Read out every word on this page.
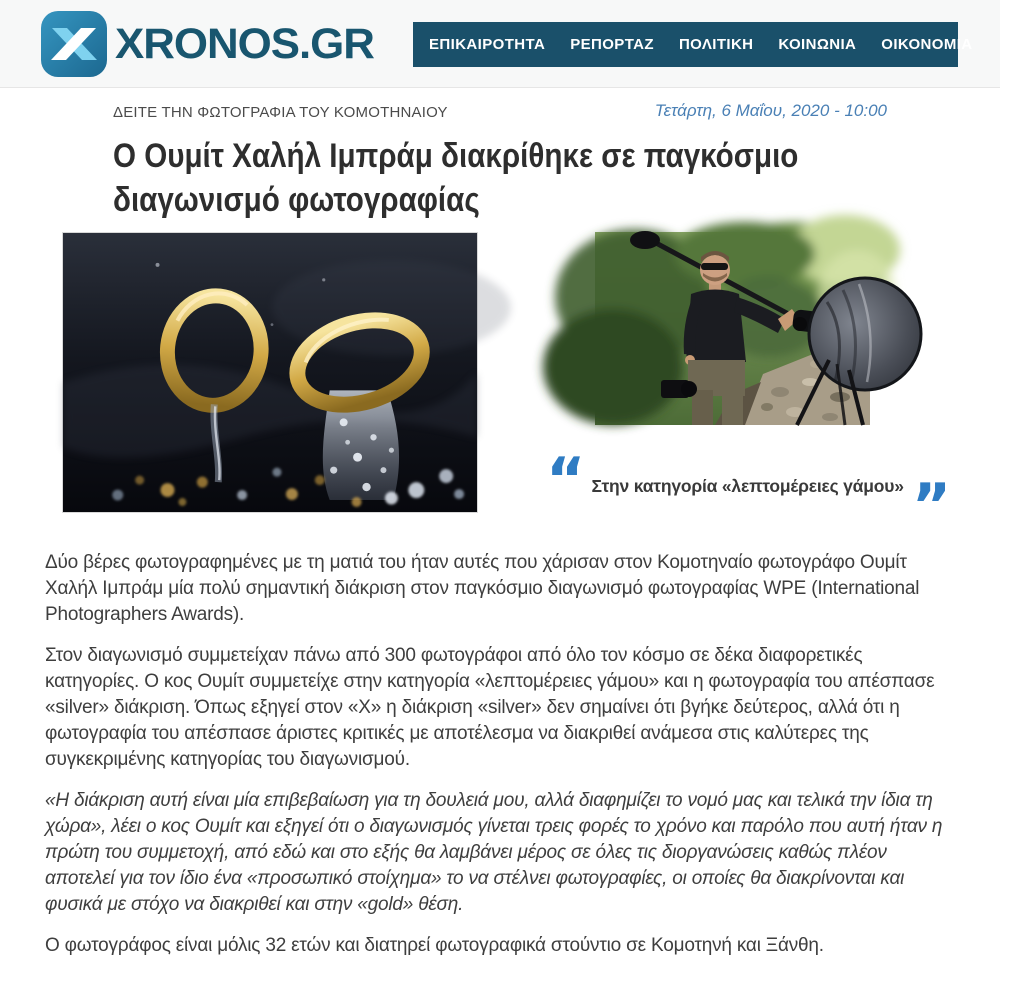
XRONOS.GR	ΕΠΙΚΑΙΡΟΤΗΤΑ ΡΕΠΟΡΤΑΖ ΠΟΛΙΤΙΚΗ ΚΟΙΝΩΝΙΑ ΟΙΚΟΝΟΜΙΑ	▼
ΔΕΙΤΕ ΤΗΝ ΦΩΤΟΓΡΑΦΙΑ ΤΟΥ ΚΟΜΟΤΗΝΑΙΟΥ	Τετάρτη, 6 Μαΐου, 2020 - 10:00
Ο Ουμίτ Χαλήλ Ιμπράμ διακρίθηκε σε παγκόσμιο διαγωνισμό φωτογραφίας
“ Στην κατηγορία «λεπτομέρειες γάμου» ”

Δύο βέρες φωτογραφημένες με τη ματιά του ήταν αυτές που χάρισαν στον Κομοτηναίο φωτογράφο Ουμίτ Χαλήλ Ιμπράμ μία πολύ σημαντική διάκριση στον παγκόσμιο διαγωνισμό φωτογραφίας WPE (International Photographers Awards).

Στον διαγωνισμό συμμετείχαν πάνω από 300 φωτογράφοι από όλο τον κόσμο σε δέκα διαφορετικές κατηγορίες. Ο κος Ουμίτ συμμετείχε στην κατηγορία «λεπτομέρειες γάμου» και η φωτογραφία του απέσπασε «silver» διάκριση. Όπως εξηγεί στον «Χ» η διάκριση «silver» δεν σημαίνει ότι βγήκε δεύτερος, αλλά ότι η φωτογραφία του απέσπασε άριστες κριτικές με αποτέλεσμα να διακριθεί ανάμεσα στις καλύτερες της συγκεκριμένης κατηγορίας του διαγωνισμού.

«Η διάκριση αυτή είναι μία επιβεβαίωση για τη δουλειά μου, αλλά διαφημίζει το νομό μας και τελικά την ίδια τη χώρα», λέει ο κος Ουμίτ και εξηγεί ότι ο διαγωνισμός γίνεται τρεις φορές το χρόνο και παρόλο που αυτή ήταν η πρώτη του συμμετοχή, από εδώ και στο εξής θα λαμβάνει μέρος σε όλες τις διοργανώσεις καθώς πλέον αποτελεί για τον ίδιο ένα «προσωπικό στοίχημα» το να στέλνει φωτογραφίες, οι οποίες θα διακρίνονται και φυσικά με στόχο να διακριθεί και στην «gold» θέση.

Ο φωτογράφος είναι μόλις 32 ετών και διατηρεί φωτογραφικά στούντιο σε Κομοτηνή και Ξάνθη.
